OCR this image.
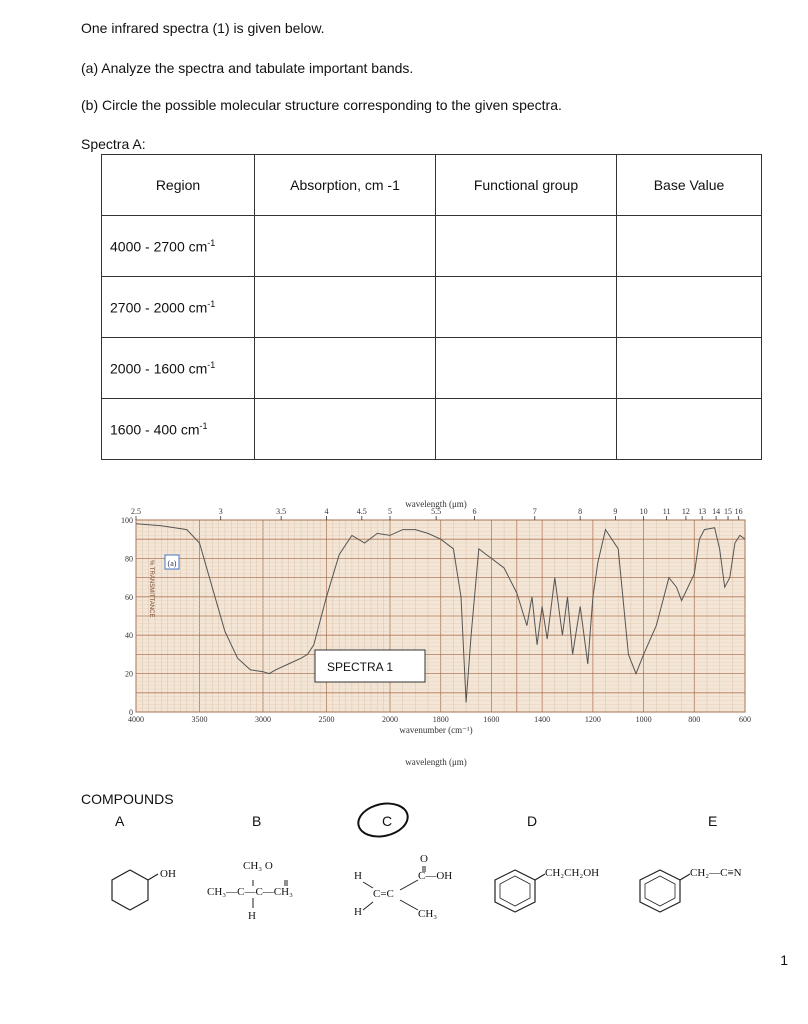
One infrared spectra (1) is given below.
(a) Analyze the spectra and tabulate important bands.
(b) Circle the possible molecular structure corresponding to the given spectra.
Spectra A:
Region	Absorption, cm -1	Functional group	Base Value
4000 - 2700 $cm^{-1}$			
2700 - 2000 $cm^{-1}$			
2000 - 1600 $cm^{-1}$			
1600 - 400 $cm^{-1}$			
0
20
40
60
80
100
4000	3500	3000	2500	2000	1800	1600	1400	1200	1000	800	600
2.5	3	3.5	4	4.5	5	5.5	6	7	8	9	10 11 12 13 14 15 16
(a)
SPECTRA 1
wavelength (μm)
wavenumber (cm⁻¹)
wavelength (μm)
% TRANSMITTANCE
COMPOUNDS
A	B	C	D	E
OH
CH₃ O
CH₃—C—C—CH₃
H
O
C—OH
H
H
C=C
CH₃
CH₂CH₂OH	CH₂—C≡N
1
